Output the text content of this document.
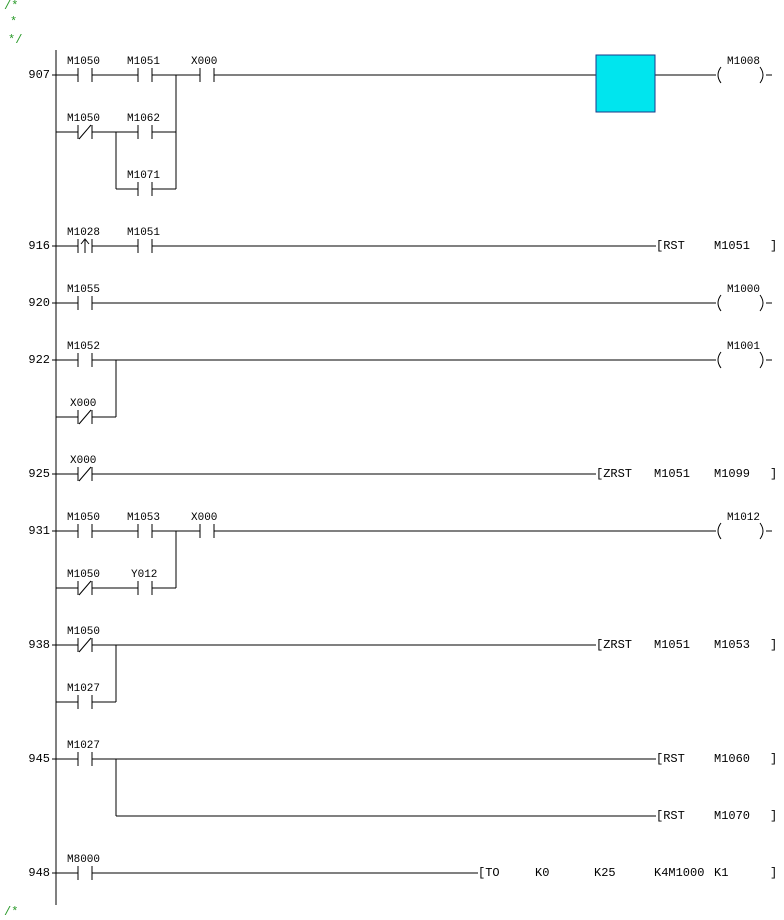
/*
*
*/
/*
907
916
920
922
925
931
938
945
948
M1050 M1051	X000
M1050 M1062
M1071
M1028 M1051
M1055
M1052
X000
X000
M1050 M1053	X000
M1050	Y012
M1050
M1027
M1027
M8000
M1008
M1000
M1001
M1012
[RST M1051 ]
[ZRST M1051 M1099 ]
[ZRST M1051 M1053 ]
[RST M1060 ]
[RST M1070 ]
[TO	K0	K25	K4M1000 K1	]
